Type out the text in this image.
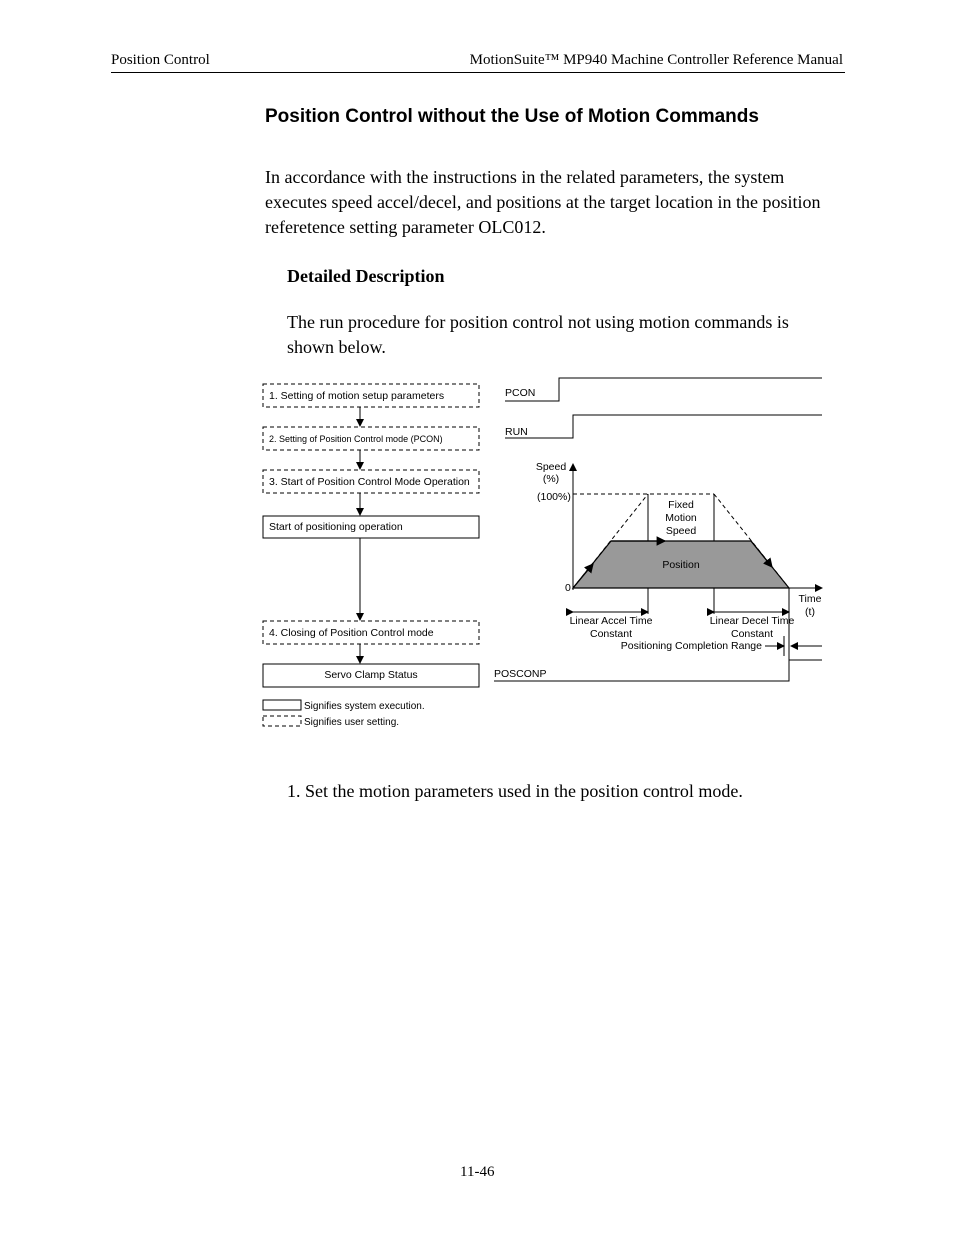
Position Control	MotionSuite™ MP940 Machine Controller Reference Manual
Position Control without the Use of Motion Commands
In accordance with the instructions in the related parameters, the system
executes speed accel/decel, and positions at the target location in the position
referetence setting parameter OLC012.
Detailed Description
The run procedure for position control not using motion commands is
shown below.
1. Setting of motion setup parameters
2. Setting of Position Control mode (PCON)
3. Start of Position Control Mode Operation
Start of positioning operation
4. Closing of Position Control mode
Servo Clamp Status
Signifies system execution.
Signifies user setting.
PCON
RUN
Speed
(%)
(100%)
0
Time
(t)
Position
Fixed
Motion
Speed
Linear Accel Time
Constant
Linear Decel Time
Constant
Positioning Completion Range
POSCONP
1. Set the motion parameters used in the position control mode.
11-46
